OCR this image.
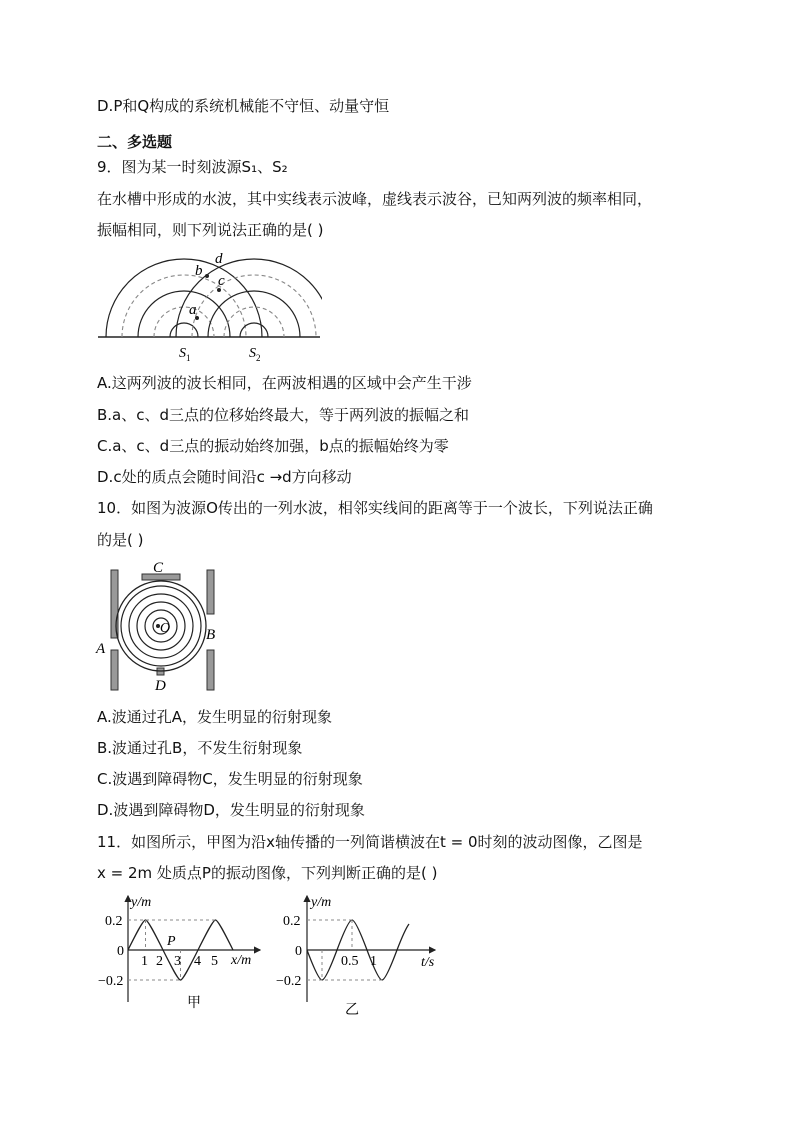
D.P和Q构成的系统机械能不守恒、动量守恒
二、多选题
9．图为某一时刻波源S₁、S₂
在水槽中形成的水波，其中实线表示波峰，虚线表示波谷，已知两列波的频率相同，
振幅相同，则下列说法正确的是( )
a
b
c
d
$S_1$	$S_2$
A.这两列波的波长相同，在两波相遇的区域中会产生干涉
B.a、c、d三点的位移始终最大，等于两列波的振幅之和
C.a、c、d三点的振动始终加强，b点的振幅始终为零
D.c处的质点会随时间沿c →d方向移动
10．如图为波源O传出的一列水波，相邻实线间的距离等于一个波长，下列说法正确
的是( )
O
C
A
B
D
A.波通过孔A，发生明显的衍射现象
B.波通过孔B，不发生衍射现象
C.波遇到障碍物C，发生明显的衍射现象
D.波遇到障碍物D，发生明显的衍射现象
11．如图所示，甲图为沿x轴传播的一列简谐横波在t = 0时刻的波动图像，乙图是
x = 2m 处质点P的振动图像，下列判断正确的是( )
y/m
x/m
0.2
0
−0.2
1 2 3 4 5
P
甲
y/m
t/s
0.2
0
−0.2
0.5 1
乙
